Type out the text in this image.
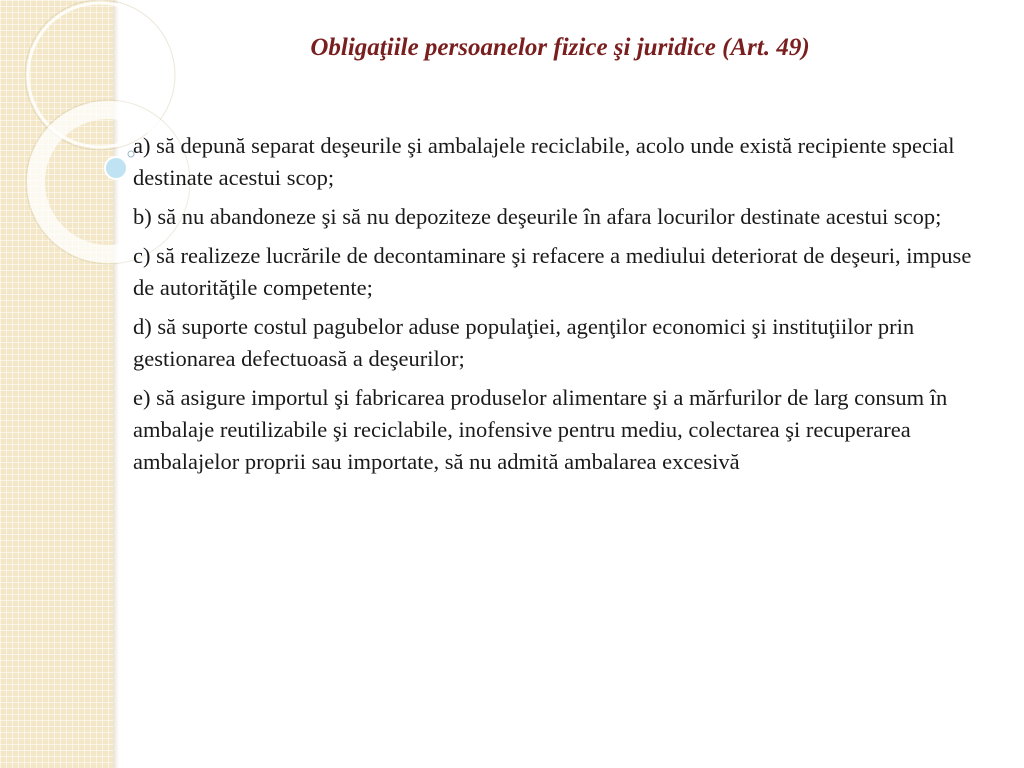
Obligaţiile persoanelor fizice şi juridice (Art. 49)

a) să depună separat deşeurile şi ambalajele reciclabile, acolo unde există recipiente special destinate acestui scop;

b) să nu abandoneze şi să nu depoziteze deşeurile în afara locurilor destinate acestui scop;

c) să realizeze lucrările de decontaminare şi refacere a mediului deteriorat de deşeuri, impuse de autorităţile competente;

d) să suporte costul pagubelor aduse populaţiei, agenţilor economici şi instituţiilor prin gestionarea defectuoasă a deşeurilor;

e) să asigure importul şi fabricarea produselor alimentare şi a mărfurilor de larg consum în ambalaje reutilizabile şi reciclabile, inofensive pentru mediu, colectarea şi recuperarea ambalajelor proprii sau importate, să nu admită ambalarea excesivă
